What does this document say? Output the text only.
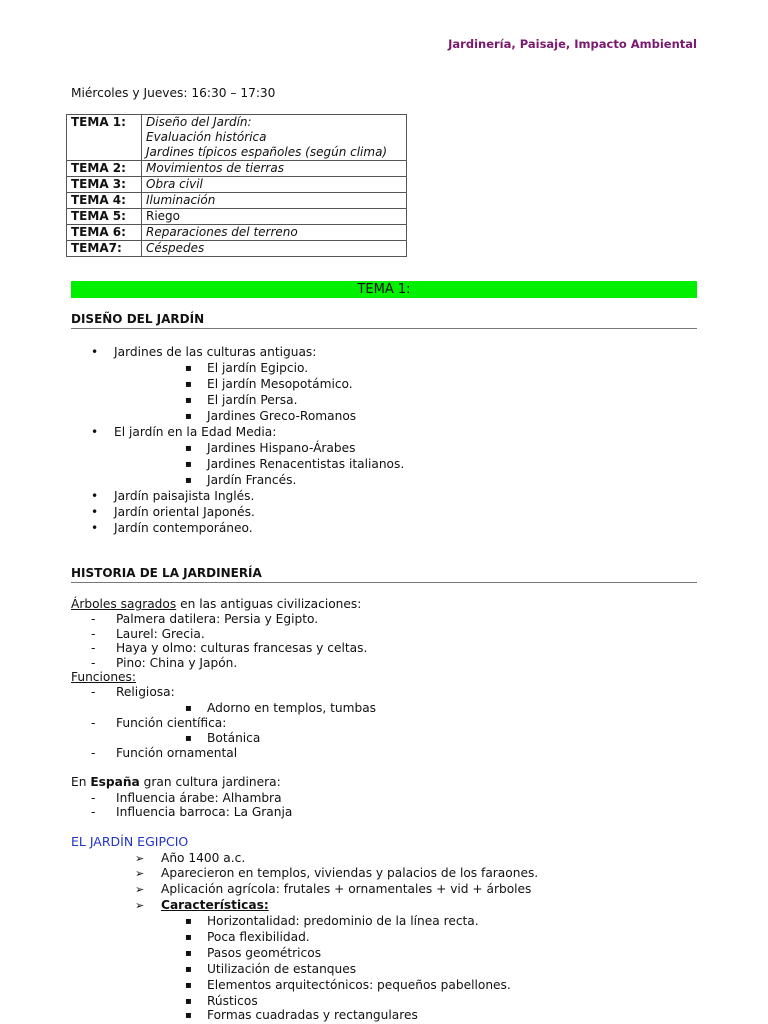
Jardinería, Paisaje, Impacto Ambiental
Miércoles y Jueves: 16:30 – 17:30
TEMA 1:	Diseño del Jardín:
Evaluación histórica
Jardines típicos españoles (según clima)

TEMA 2:	Movimientos de tierras
TEMA 3:	Obra civil
TEMA 4:	Iluminación
TEMA 5:	Riego
TEMA 6:	Reparaciones del terreno
TEMA7:	Céspedes
TEMA 1:
DISEÑO DEL JARDÍN
• Jardines de las culturas antiguas:
▪ El jardín Egipcio.
▪ El jardín Mesopotámico.
▪ El jardín Persa.
▪ Jardines Greco-Romanos
• El jardín en la Edad Media:
▪ Jardines Hispano-Árabes
▪ Jardines Renacentistas italianos.
▪ Jardín Francés.
• Jardín paisajista Inglés.
• Jardín oriental Japonés.
• Jardín contemporáneo.
HISTORIA DE LA JARDINERÍA
Árboles sagrados en las antiguas civilizaciones:
- Palmera datilera: Persia y Egipto.
- Laurel: Grecia.
- Haya y olmo: culturas francesas y celtas.
- Pino: China y Japón.
Funciones:
- Religiosa:
▪ Adorno en templos, tumbas
- Función científica:
▪ Botánica
- Función ornamental
En España gran cultura jardinera:
- Influencia árabe: Alhambra
- Influencia barroca: La Granja
EL JARDÍN EGIPCIO
➢ Año 1400 a.c.
➢ Aparecieron en templos, viviendas y palacios de los faraones.
➢ Aplicación agrícola: frutales + ornamentales + vid + árboles
➢ Características:
▪ Horizontalidad: predominio de la línea recta.
▪ Poca flexibilidad.
▪ Pasos geométricos
▪ Utilización de estanques
▪ Elementos arquitectónicos: pequeños pabellones.
▪ Rústicos
▪ Formas cuadradas y rectangulares
